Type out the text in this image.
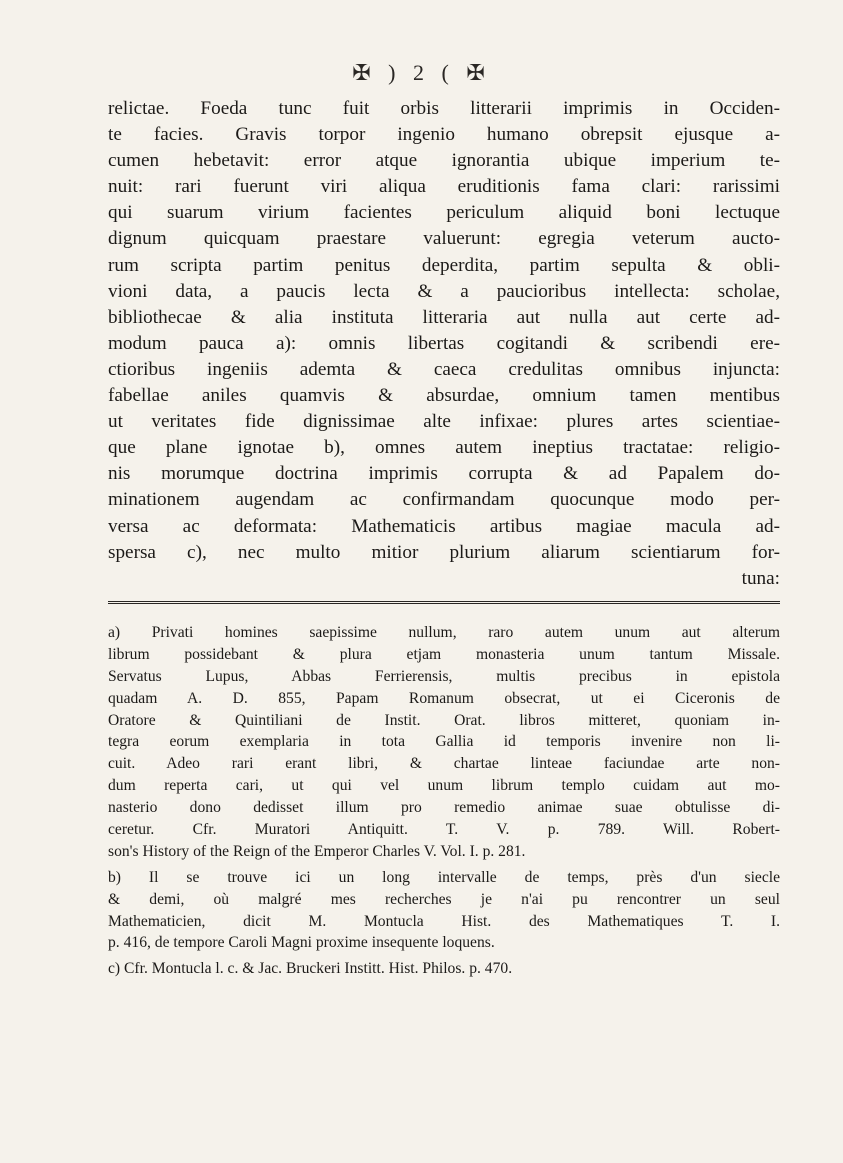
✠ ) 2 ( ✠
relictae. Foeda tunc fuit orbis litterarii imprimis in Occiden-
te facies. Gravis torpor ingenio humano obrepsit ejusque a-
cumen hebetavit: error atque ignorantia ubique imperium te-
nuit: rari fuerunt viri aliqua eruditionis fama clari: rarissimi
qui suarum virium facientes periculum aliquid boni lectuque
dignum quicquam praestare valuerunt: egregia veterum aucto-
rum scripta partim penitus deperdita, partim sepulta & obli-
vioni data, a paucis lecta & a paucioribus intellecta: scholae,
bibliothecae & alia instituta litteraria aut nulla aut certe ad-
modum pauca a): omnis libertas cogitandi & scribendi ere-
ctioribus ingeniis ademta & caeca credulitas omnibus injuncta:
fabellae aniles quamvis & absurdae, omnium tamen mentibus
ut veritates fide dignissimae alte infixae: plures artes scientiae-
que plane ignotae b), omnes autem ineptius tractatae: religio-
nis morumque doctrina imprimis corrupta & ad Papalem do-
minationem augendam ac confirmandam quocunque modo per-
versa ac deformata: Mathematicis artibus magiae macula ad-
spersa c), nec multo mitior plurium aliarum scientiarum for-
tuna:
a) Privati homines saepissime nullum, raro autem unum aut alterum
librum possidebant & plura etjam monasteria unum tantum Missale.
Servatus Lupus, Abbas Ferrierensis, multis precibus in epistola
quadam A. D. 855, Papam Romanum obsecrat, ut ei Ciceronis de
Oratore & Quintiliani de Instit. Orat. libros mitteret, quoniam in-
tegra eorum exemplaria in tota Gallia id temporis invenire non li-
cuit. Adeo rari erant libri, & chartae linteae faciundae arte non-
dum reperta cari, ut qui vel unum librum templo cuidam aut mo-
nasterio dono dedisset illum pro remedio animae suae obtulisse di-
ceretur. Cfr. Muratori Antiquitt. T. V. p. 789. Will. Robert-
son's History of the Reign of the Emperor Charles V. Vol. I. p. 281.
b) Il se trouve ici un long intervalle de temps, près d'un siecle
& demi, où malgré mes recherches je n'ai pu rencontrer un seul
Mathematicien, dicit M. Montucla Hist. des Mathematiques T. I.
p. 416, de tempore Caroli Magni proxime insequente loquens.
c) Cfr. Montucla l. c. & Jac. Bruckeri Institt. Hist. Philos. p. 470.
